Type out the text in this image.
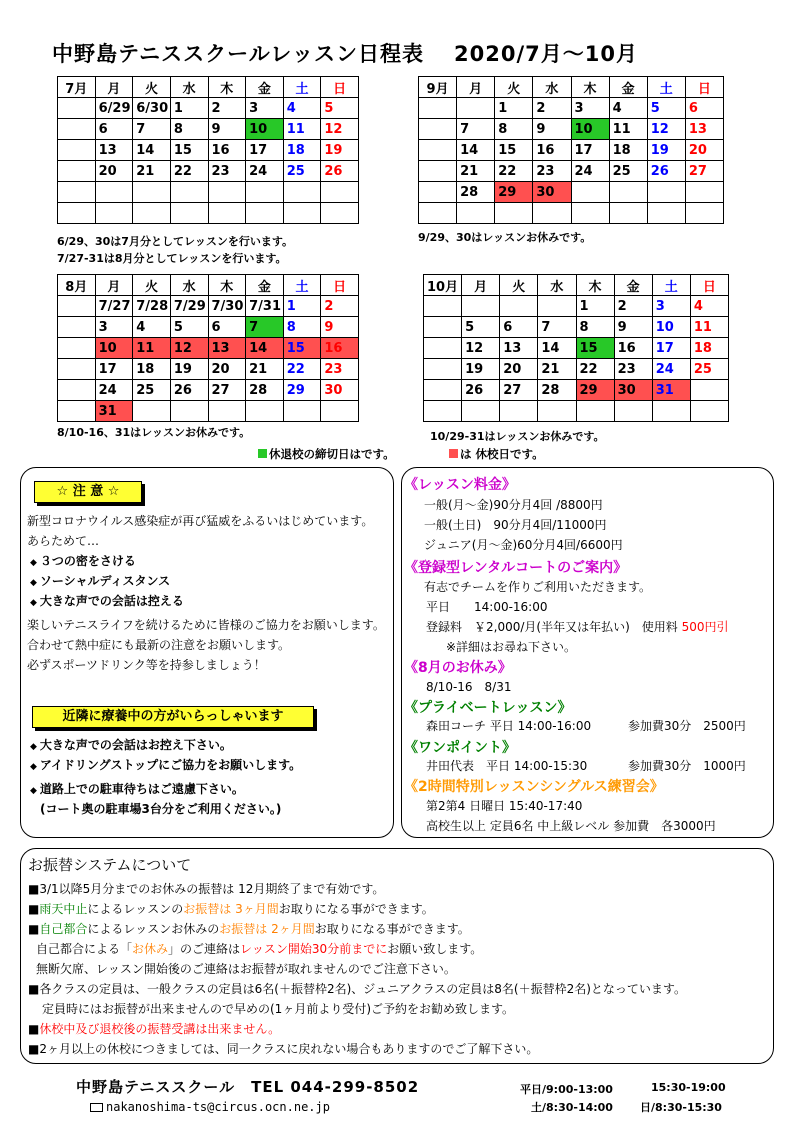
中野島テニススクールレッスン日程表 2020/7月～10月
7月	月	火	水	木	金	土	日
	6/29	6/30	1	2	3	4	5
	6	7	8	9	10	11	12
	13	14	15	16	17	18	19
	20	21	22	23	24	25	26

6/29、30は7月分としてレッスンを行います。
7/27-31は8月分としてレッスンを行います。
9月	月	火	水	木	金	土	日
		1	2	3	4	5	6
	7	8	9	10	11	12	13
	14	15	16	17	18	19	20
	21	22	23	24	25	26	27
	28	29	30				

9/29、30はレッスンお休みです。
8月	月	火	水	木	金	土	日
	7/27	7/28	7/29	7/30	7/31	1	2
	3	4	5	6	7	8	9
	10	11	12	13	14	15	16
	17	18	19	20	21	22	23
	24	25	26	27	28	29	30
	31						
8/10-16、31はレッスンお休みです。
10月	月	火	水	木	金	土	日
				1	2	3	4
	5	6	7	8	9	10	11
	12	13	14	15	16	17	18
	19	20	21	22	23	24	25
	26	27	28	29	30	31	

10/29-31はレッスンお休みです。
休退校の締切日はです。	は 休校日です。
☆ 注 意 ☆
新型コロナウイルス感染症が再び猛威をふるいはじめています。
あらためて…
◆ ３つの密をさける
◆ ソーシャルディスタンス
◆ 大きな声での会話は控える
楽しいテニスライフを続けるために皆様のご協力をお願いします。
合わせて熱中症にも最新の注意をお願いします。
必ずスポーツドリンク等を持参しましょう！
近隣に療養中の方がいらっしゃいます
◆ 大きな声での会話はお控え下さい。
◆ アイドリングストップにご協力をお願いします。
◆ 道路上での駐車待ちはご遠慮下さい。
(コート奥の駐車場3台分をご利用ください。)
《レッスン料金》
一般(月～金)90分月4回 /8800円
一般(土日)　90分月4回/11000円
ジュニア(月～金)60分月4回/6600円
《登録型レンタルコートのご案内》
有志でチームを作りご利用いただきます。
平日　　14:00-16:00
登録料　￥2,000/月(半年又は年払い)　使用料 500円引
※詳細はお尋ね下さい。
《8月のお休み》
8/10-16　8/31
《プライベートレッスン》
森田コーチ 平日 14:00-16:00	参加費30分　2500円
《ワンポイント》
井田代表　平日 14:00-15:30	参加費30分　1000円
《2時間特別レッスンシングルス練習会》
第2第4 日曜日 15:40-17:40
高校生以上 定員6名 中上級レベル 参加費　各3000円
お振替システムについて
■3/1以降5月分までのお休みの振替は 12月期終了まで有効です。
■雨天中止によるレッスンのお振替は 3ヶ月間お取りになる事ができます。
■自己都合によるレッスンお休みのお振替は 2ヶ月間お取りになる事ができます。
自己都合による「お休み」のご連絡はレッスン開始30分前までにお願い致します。
無断欠席、レッスン開始後のご連絡はお振替が取れませんのでご注意下さい。
■各クラスの定員は、一般クラスの定員は6名(＋振替枠2名)、ジュニアクラスの定員は8名(＋振替枠2名)となっています。
定員時にはお振替が出来ませんので早めの(1ヶ月前より受付)ご予約をお勧め致します。
■休校中及び退校後の振替受講は出来ません。
■2ヶ月以上の休校につきましては、同一クラスに戻れない場合もありますのでご了解下さい。
中野島テニススクール　TEL 044-299-8502
nakanoshima-ts@circus.ocn.ne.jp
平日/9:00-13:00	15:30-19:00
土/8:30-14:00 日/8:30-15:30
